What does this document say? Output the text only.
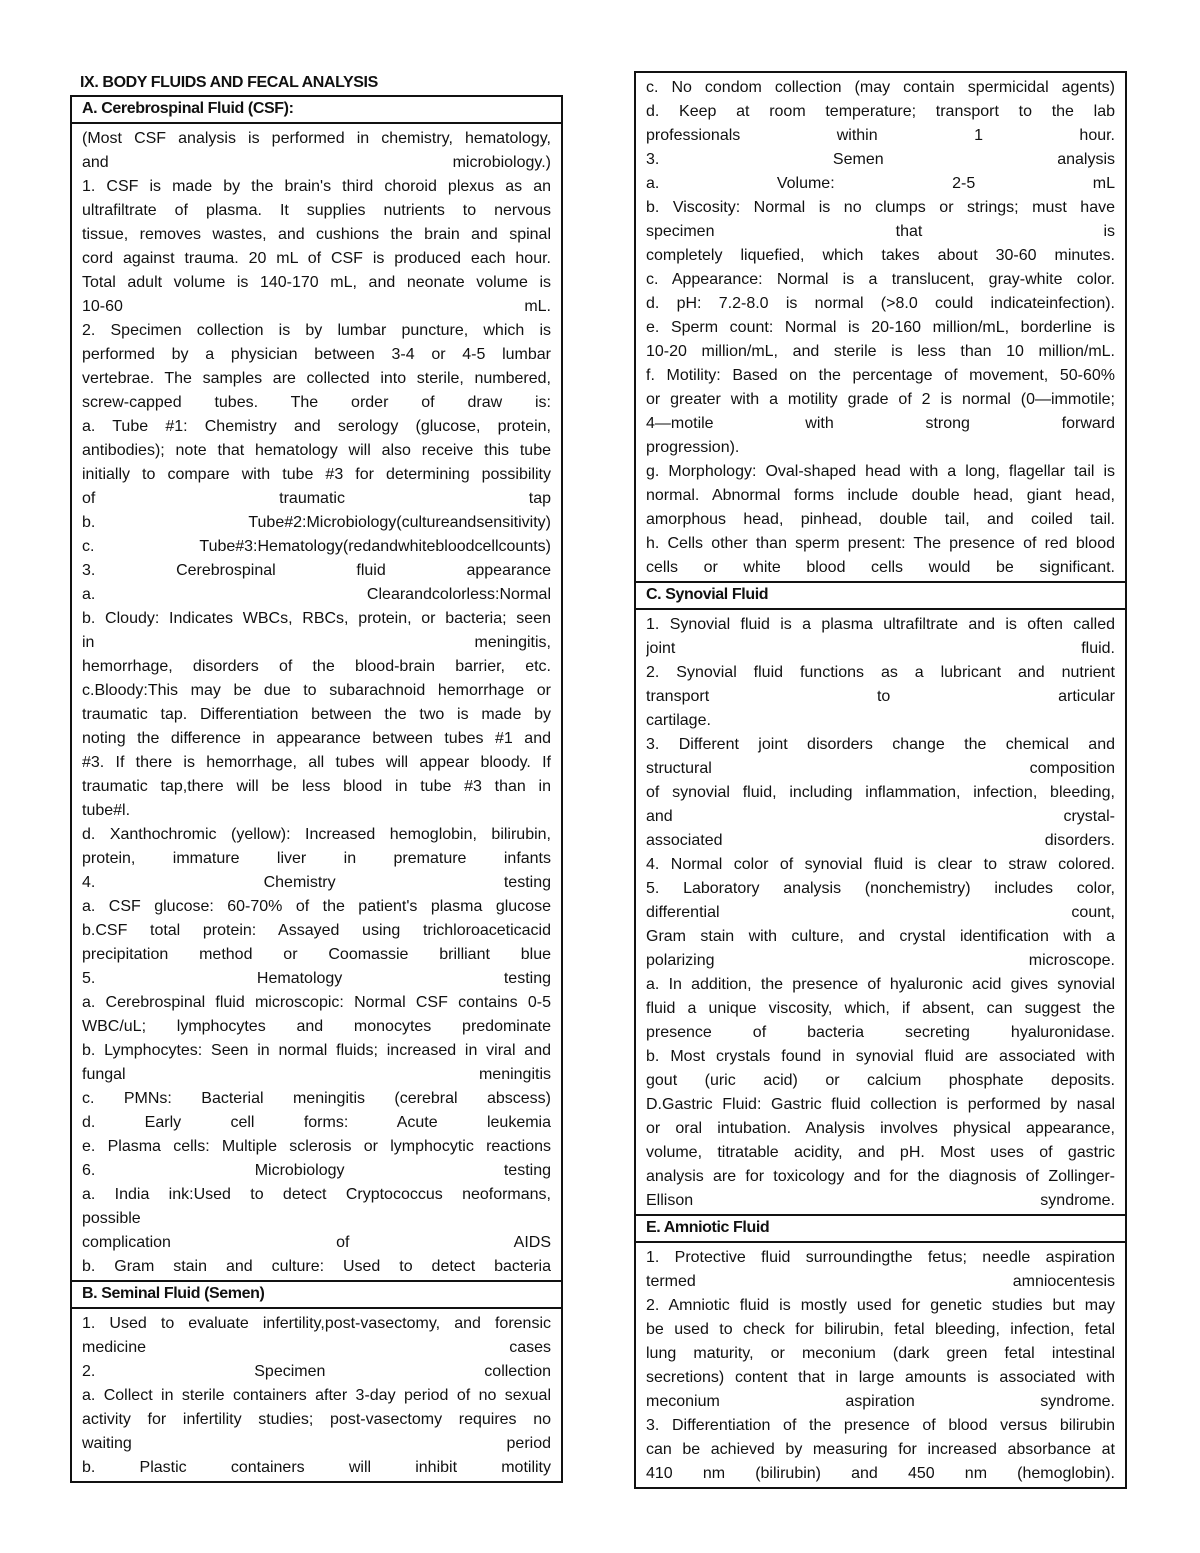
IX. BODY FLUIDS AND FECAL ANALYSIS
A. Cerebrospinal Fluid (CSF):
(Most CSF analysis is performed in chemistry, hematology,
and microbiology.)
1. CSF is made by the brain's third choroid plexus as an
ultrafiltrate of plasma. It supplies nutrients to nervous
tissue, removes wastes, and cushions the brain and spinal
cord against trauma. 20 mL of CSF is produced each hour.
Total adult volume is 140-170 mL, and neonate volume is
10-60 mL.
2. Specimen collection is by lumbar puncture, which is
performed by a physician between 3-4 or 4-5 lumbar
vertebrae. The samples are collected into sterile, numbered,
screw-capped tubes. The order of draw is:
a. Tube #1: Chemistry and serology (glucose, protein,
antibodies); note that hematology will also receive this tube
initially to compare with tube #3 for determining possibility
of traumatic tap
b. Tube#2:Microbiology(cultureandsensitivity)
c. Tube#3:Hematology(redandwhitebloodcellcounts)
3. Cerebrospinal fluid appearance
a. Clearandcolorless:Normal
b. Cloudy: Indicates WBCs, RBCs, protein, or bacteria; seen
in meningitis,
hemorrhage, disorders of the blood-brain barrier, etc.
c.Bloody:This may be due to subarachnoid hemorrhage or
traumatic tap. Differentiation between the two is made by
noting the difference in appearance between tubes #1 and
#3. If there is hemorrhage, all tubes will appear bloody. If
traumatic tap,there will be less blood in tube #3 than in
tube#l.
d. Xanthochromic (yellow): Increased hemoglobin, bilirubin,
protein, immature liver in premature infants
4. Chemistry testing
a. CSF glucose: 60-70% of the patient's plasma glucose
b.CSF total protein: Assayed using trichloroaceticacid
precipitation method or Coomassie brilliant blue
5. Hematology testing
a. Cerebrospinal fluid microscopic: Normal CSF contains 0-5
WBC/uL; lymphocytes and monocytes predominate
b. Lymphocytes: Seen in normal fluids; increased in viral and
fungal meningitis
c. PMNs: Bacterial meningitis (cerebral abscess)
d. Early cell forms: Acute leukemia
e. Plasma cells: Multiple sclerosis or lymphocytic reactions
6. Microbiology testing
a. India ink:Used to detect Cryptococcus neoformans,
possible
complication of AIDS
b. Gram stain and culture: Used to detect bacteria
B. Seminal Fluid (Semen)
1. Used to evaluate infertility,post-vasectomy, and forensic
medicine cases
2. Specimen collection
a. Collect in sterile containers after 3-day period of no sexual
activity for infertility studies; post-vasectomy requires no
waiting period
b. Plastic containers will inhibit motility
c. No condom collection (may contain spermicidal agents)
d. Keep at room temperature; transport to the lab
professionals within 1 hour.
3. Semen analysis
a. Volume: 2-5 mL
b. Viscosity: Normal is no clumps or strings; must have
specimen that is
completely liquefied, which takes about 30-60 minutes.
c. Appearance: Normal is a translucent, gray-white color.
d. pH: 7.2-8.0 is normal (>8.0 could indicateinfection).
e. Sperm count: Normal is 20-160 million/mL, borderline is
10-20 million/mL, and sterile is less than 10 million/mL.
f. Motility: Based on the percentage of movement, 50-60%
or greater with a motility grade of 2 is normal (0—immotile;
4—motile with strong forward
progression).
g. Morphology: Oval-shaped head with a long, flagellar tail is
normal. Abnormal forms include double head, giant head,
amorphous head, pinhead, double tail, and coiled tail.
h. Cells other than sperm present: The presence of red blood
cells or white blood cells would be significant.
C. Synovial Fluid
1. Synovial fluid is a plasma ultrafiltrate and is often called
joint fluid.
2. Synovial fluid functions as a lubricant and nutrient
transport to articular
cartilage.
3. Different joint disorders change the chemical and
structural composition
of synovial fluid, including inflammation, infection, bleeding,
and crystal-
associated disorders.
4. Normal color of synovial fluid is clear to straw colored.
5. Laboratory analysis (nonchemistry) includes color,
differential count,
Gram stain with culture, and crystal identification with a
polarizing microscope.
a. In addition, the presence of hyaluronic acid gives synovial
fluid a unique viscosity, which, if absent, can suggest the
presence of bacteria secreting hyaluronidase.
b. Most crystals found in synovial fluid are associated with
gout (uric acid) or calcium phosphate deposits.
D.Gastric Fluid: Gastric fluid collection is performed by nasal
or oral intubation. Analysis involves physical appearance,
volume, titratable acidity, and pH. Most uses of gastric
analysis are for toxicology and for the diagnosis of Zollinger-
Ellison syndrome.
E. Amniotic Fluid
1. Protective fluid surroundingthe fetus; needle aspiration
termed amniocentesis
2. Amniotic fluid is mostly used for genetic studies but may
be used to check for bilirubin, fetal bleeding, infection, fetal
lung maturity, or meconium (dark green fetal intestinal
secretions) content that in large amounts is associated with
meconium aspiration syndrome.
3. Differentiation of the presence of blood versus bilirubin
can be achieved by measuring for increased absorbance at
410 nm (bilirubin) and 450 nm (hemoglobin).
